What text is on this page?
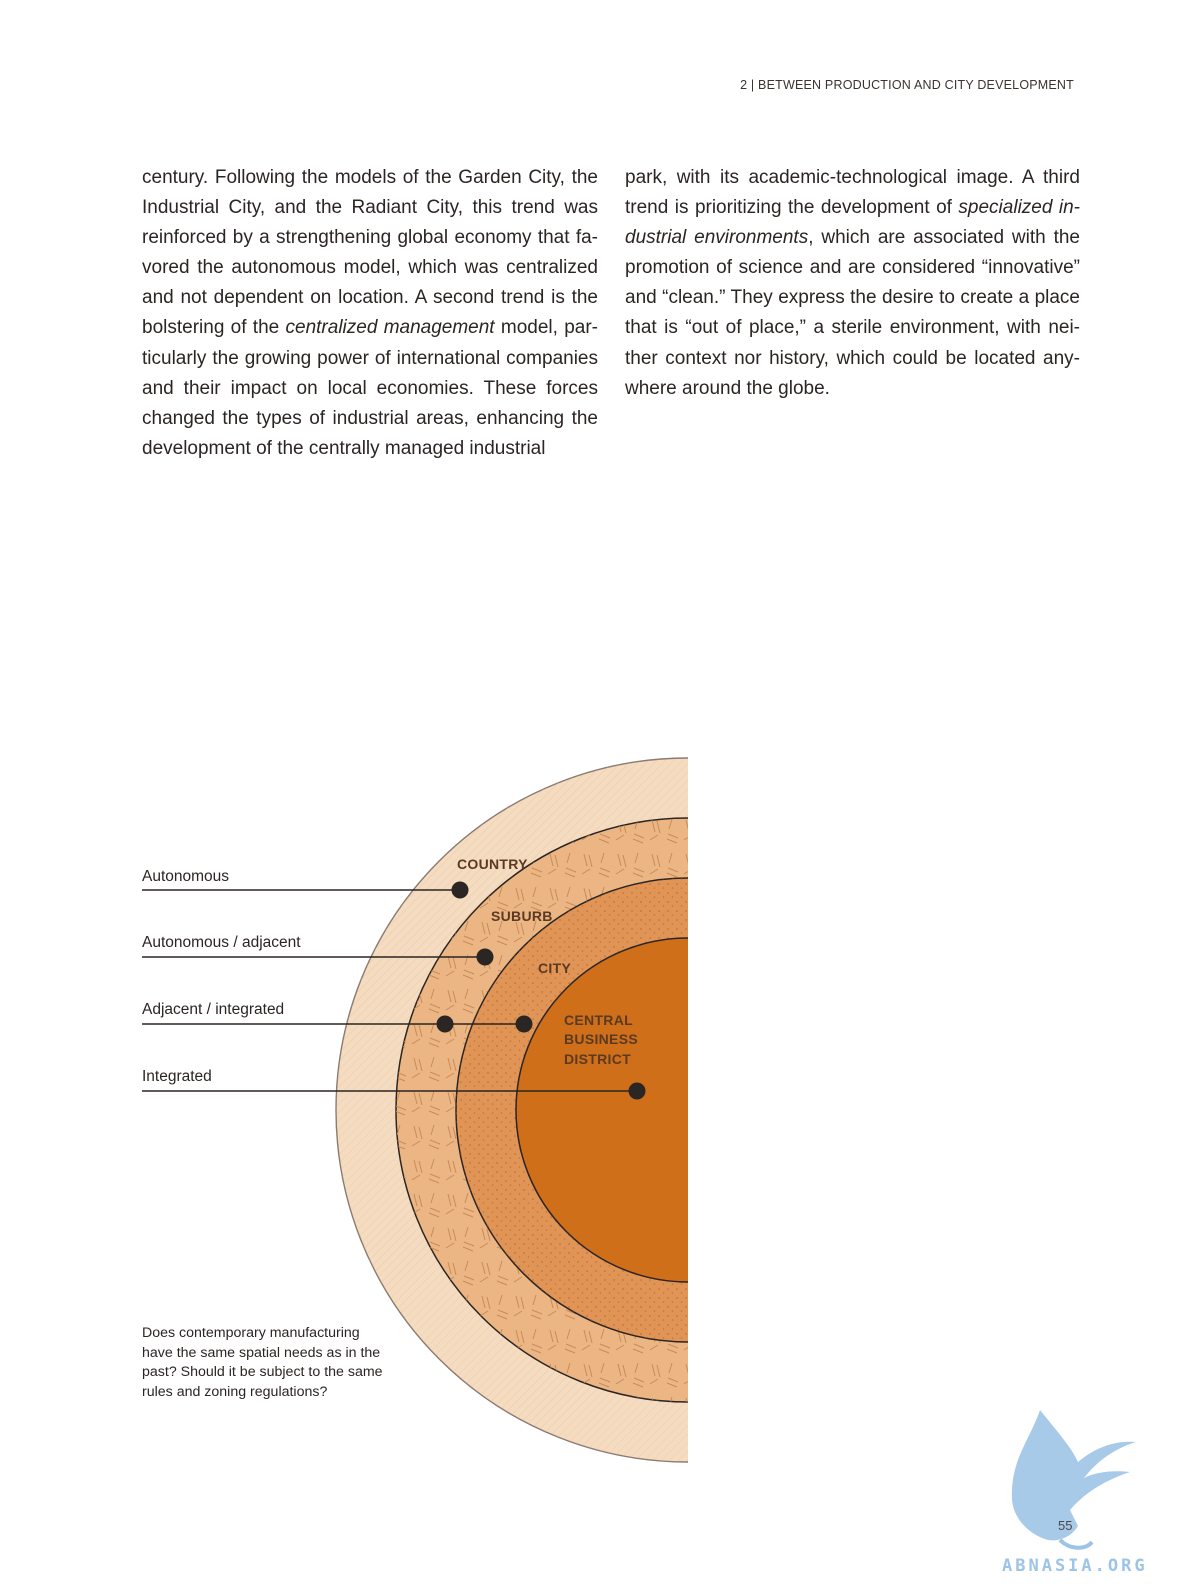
2 | BETWEEN PRODUCTION AND CITY DEVELOPMENT

century. Following the models of the Garden City, the Industrial City, and the Radiant City, this trend was reinforced by a strengthening global economy that favored the autonomous model, which was centralized and not dependent on location. A second trend is the bolstering of the centralized management model, particularly the growing power of international companies and their impact on local economies. These forces changed the types of industrial areas, enhancing the development of the centrally managed industrial

park, with its academic-technological image. A third trend is prioritizing the development of specialized industrial environments, which are associated with the promotion of science and are considered “innovative” and “clean.” They express the desire to create a place that is “out of place,” a sterile environment, with neither context nor history, which could be located anywhere around the globe.

COUNTRY
SUBURB
CITY
CENTRAL
BUSINESS
DISTRICT
Autonomous
Autonomous / adjacent
Adjacent / integrated
Integrated
Does contemporary manufacturing have the same spatial needs as in the past? Should it be subject to the same rules and zoning regulations?
55
ABNASIA.ORG
